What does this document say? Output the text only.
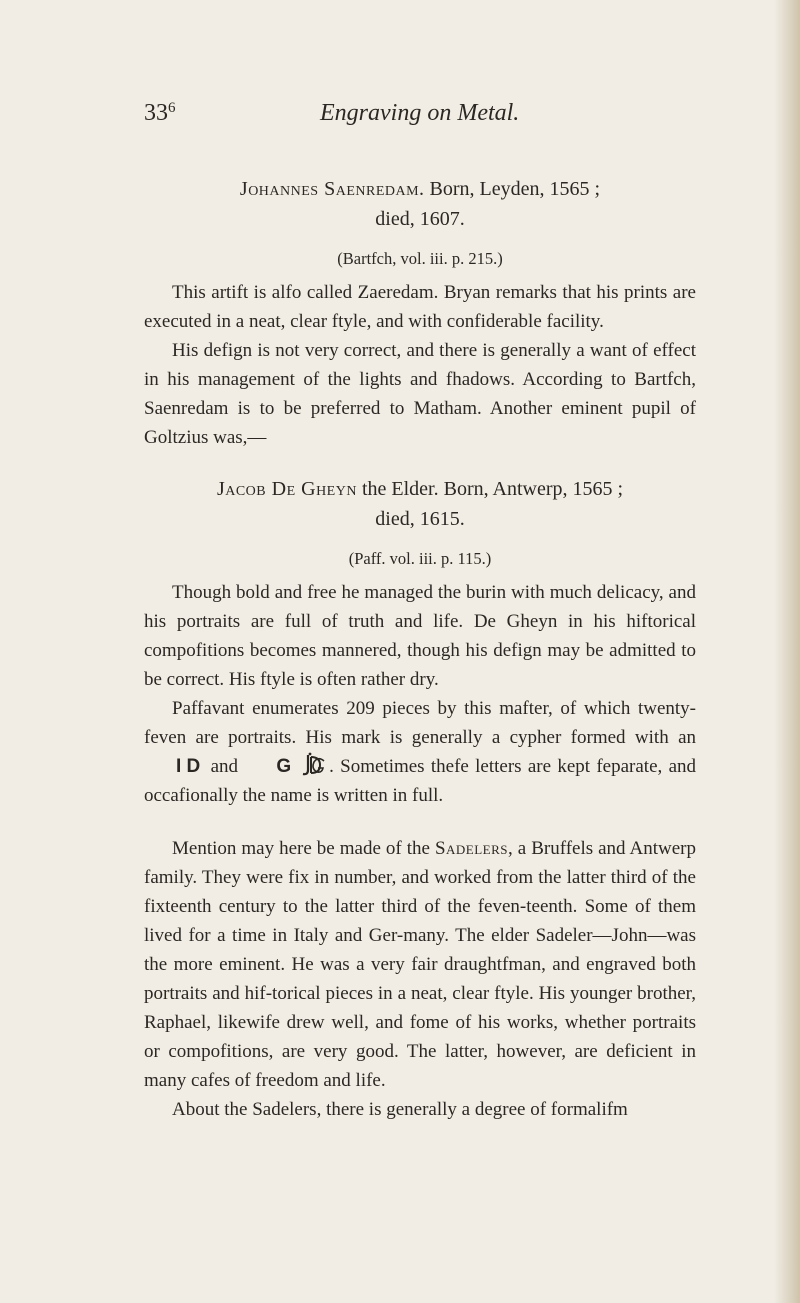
$33^6$	Engraving on Metal.
Johannes Saenredam. Born, Leyden, 1565 ;
died, 1607.
(Bartfch, vol. iii. p. 215.)

This artift is alfo called Zaeredam. Bryan remarks that his prints are executed in a neat, clear ftyle, and with confiderable facility.

His defign is not very correct, and there is generally a want of effect in his management of the lights and fhadows. According to Bartfch, Saenredam is to be preferred to Matham. Another eminent pupil of Goltzius was,—

Jacob De Gheyn the Elder. Born, Antwerp, 1565 ;
died, 1615.
(Paff. vol. iii. p. 115.)

Though bold and free he managed the burin with much delicacy, and his portraits are full of truth and life. De Gheyn in his hiftorical compofitions becomes mannered, though his defign may be admitted to be correct. His ftyle is often rather dry.

Paffavant enumerates 209 pieces by this mafter, of which twenty-feven are portraits. His mark is generally a cypher formed with an I D and G . Sometimes thefe letters are kept feparate, and occafionally the name is written in full.

Mention may here be made of the Sadelers, a Bruffels and Antwerp family. They were fix in number, and worked from the latter third of the fixteenth century to the latter third of the feven-teenth. Some of them lived for a time in Italy and Ger-many. The elder Sadeler—John—was the more eminent. He was a very fair draughtfman, and engraved both portraits and hif-torical pieces in a neat, clear ftyle. His younger brother, Raphael, likewife drew well, and fome of his works, whether portraits or compofitions, are very good. The latter, however, are deficient in many cafes of freedom and life.

About the Sadelers, there is generally a degree of formalifm
